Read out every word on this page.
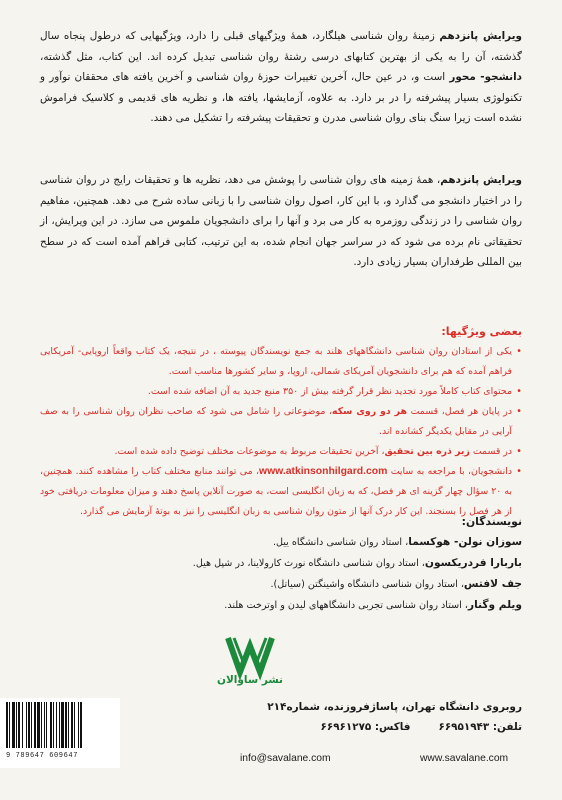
ویرایش پانزدهم زمینهٔ روان شناسی هیلگارد، همهٔ ویژگیهای قبلی را دارد، ویژگیهایی که درطول پنجاه سال گذشته، آن را به یکی از بهترین کتابهای درسی رشتهٔ روان شناسی تبدیل کرده اند. این کتاب، مثل گذشته، دانشجو- محور است و، در عین حال، آخرین تغییرات حوزهٔ روان شناسی و آخرین یافته های محققان نوآور و تکنولوژی بسیار پیشرفته را در بر دارد. به علاوه، آزمایشها، یافته ها، و نظریه های قدیمی و کلاسیک فراموش نشده است زیرا سنگ بنای روان شناسی مدرن و تحقیقات پیشرفته را تشکیل می دهند.
ویرایش پانزدهم، همهٔ زمینه های روان شناسی را پوشش می دهد، نظریه ها و تحقیقات رایج در روان شناسی را در اختیار دانشجو می گذارد و، با این کار، اصول روان شناسی را با زبانی ساده شرح می دهد. همچنین، مفاهیم روان شناسی را در زندگی روزمره به کار می برد و آنها را برای دانشجویان ملموس می سازد. در این ویرایش، از تحقیقاتی نام برده می شود که در سراسر جهان انجام شده، به این ترتیب، کتابی فراهم آمده است که در سطح بین المللی طرفداران بسیار زیادی دارد.
بعضی ویژگیها:
• یکی از استادان روان شناسی دانشگاههای هلند به جمع نویسندگان پیوسته ، در نتیجه، یک کتاب واقعاً اروپایی- آمریکایی فراهم آمده که هم برای دانشجویان آمریکای شمالی، اروپا، و سایر کشورها مناسب است.
• محتوای کتاب کاملاً مورد تجدید نظر قرار گرفته بیش از ۳۵۰ منبع جدید به آن اضافه شده است.
• در پایان هر فصل، قسمت هر دو روی سکه، موضوعاتی را شامل می شود که صاحب نظران روان شناسی را به صف آرایی در مقابل یکدیگر کشانده اند.
• در قسمت زیر ذره بین تحقیق، آخرین تحقیقات مربوط به موضوعات مختلف توضیح داده شده است.
• دانشجویان، با مراجعه به سایت www.atkinsonhilgard.com، می توانند منابع مختلف کتاب را مشاهده کنند. همچنین، به ۲۰ سؤال چهار گزینه ای هر فصل، که به زبان انگلیسی است، به صورت آنلاین پاسخ دهند و میزان معلومات دریافتی خود از هر فصل را بسنجند. این کار درک آنها از متون روان شناسی به زبان انگلیسی را نیز به بوتهٔ آزمایش می گذارد.
نویسندگان:
سوزان نولن- هوکسما، استاد روان شناسی دانشگاه ییل.
باربارا فردریکسون، استاد روان شناسی دانشگاه نورث کارولاینا، در شپل هیل.
جف لافتس، استاد روان شناسی دانشگاه واشینگتن (سیاتل).
ویلم وگنار، استاد روان شناسی تجربی دانشگاههای لیدن و اوترخت هلند.
نشر ساوالان
روبروی دانشگاه تهران، پاساژفروزنده، شماره۲۱۴
تلفن: ۶۶۹۵۱۹۴۳فاکس: ۶۶۹۶۱۲۷۵
info@savalane.com	www.savalane.com
9 789647 609647
